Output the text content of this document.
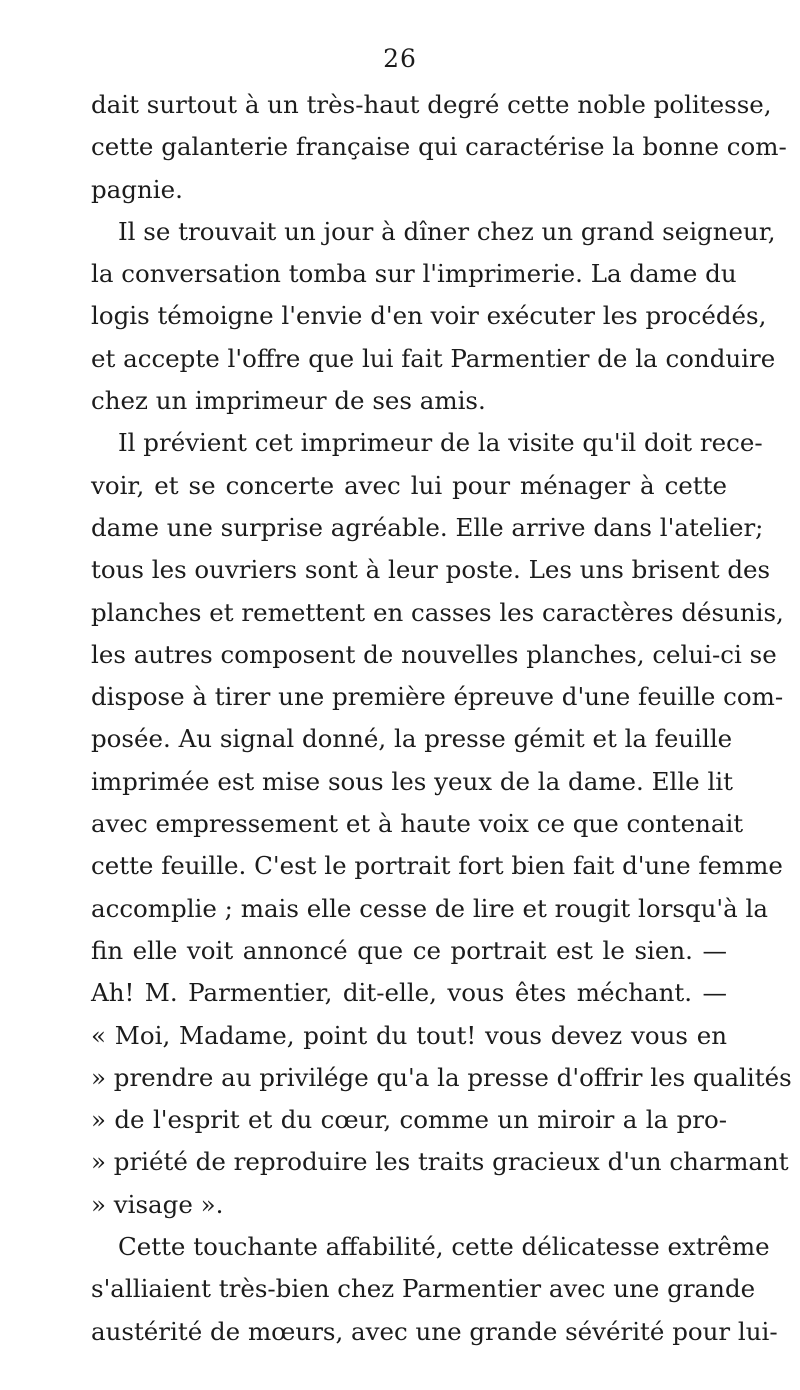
26
dait surtout à un très-haut degré cette noble politesse,
cette galanterie française qui caractérise la bonne com-
pagnie.
Il se trouvait un jour à dîner chez un grand seigneur,
la conversation tomba sur l'imprimerie. La dame du
logis témoigne l'envie d'en voir exécuter les procédés,
et accepte l'offre que lui fait Parmentier de la conduire
chez un imprimeur de ses amis.
Il prévient cet imprimeur de la visite qu'il doit rece-
voir, et se concerte avec lui pour ménager à cette
dame une surprise agréable. Elle arrive dans l'atelier;
tous les ouvriers sont à leur poste. Les uns brisent des
planches et remettent en casses les caractères désunis,
les autres composent de nouvelles planches, celui-ci se
dispose à tirer une première épreuve d'une feuille com-
posée. Au signal donné, la presse gémit et la feuille
imprimée est mise sous les yeux de la dame. Elle lit
avec empressement et à haute voix ce que contenait
cette feuille. C'est le portrait fort bien fait d'une femme
accomplie ; mais elle cesse de lire et rougit lorsqu'à la
fin elle voit annoncé que ce portrait est le sien. —
Ah! M. Parmentier, dit-elle, vous êtes méchant. —
« Moi, Madame, point du tout! vous devez vous en
» prendre au privilége qu'a la presse d'offrir les qualités
» de l'esprit et du cœur, comme un miroir a la pro-
» priété de reproduire les traits gracieux d'un charmant
» visage ».
Cette touchante affabilité, cette délicatesse extrême
s'alliaient très-bien chez Parmentier avec une grande
austérité de mœurs, avec une grande sévérité pour lui-
